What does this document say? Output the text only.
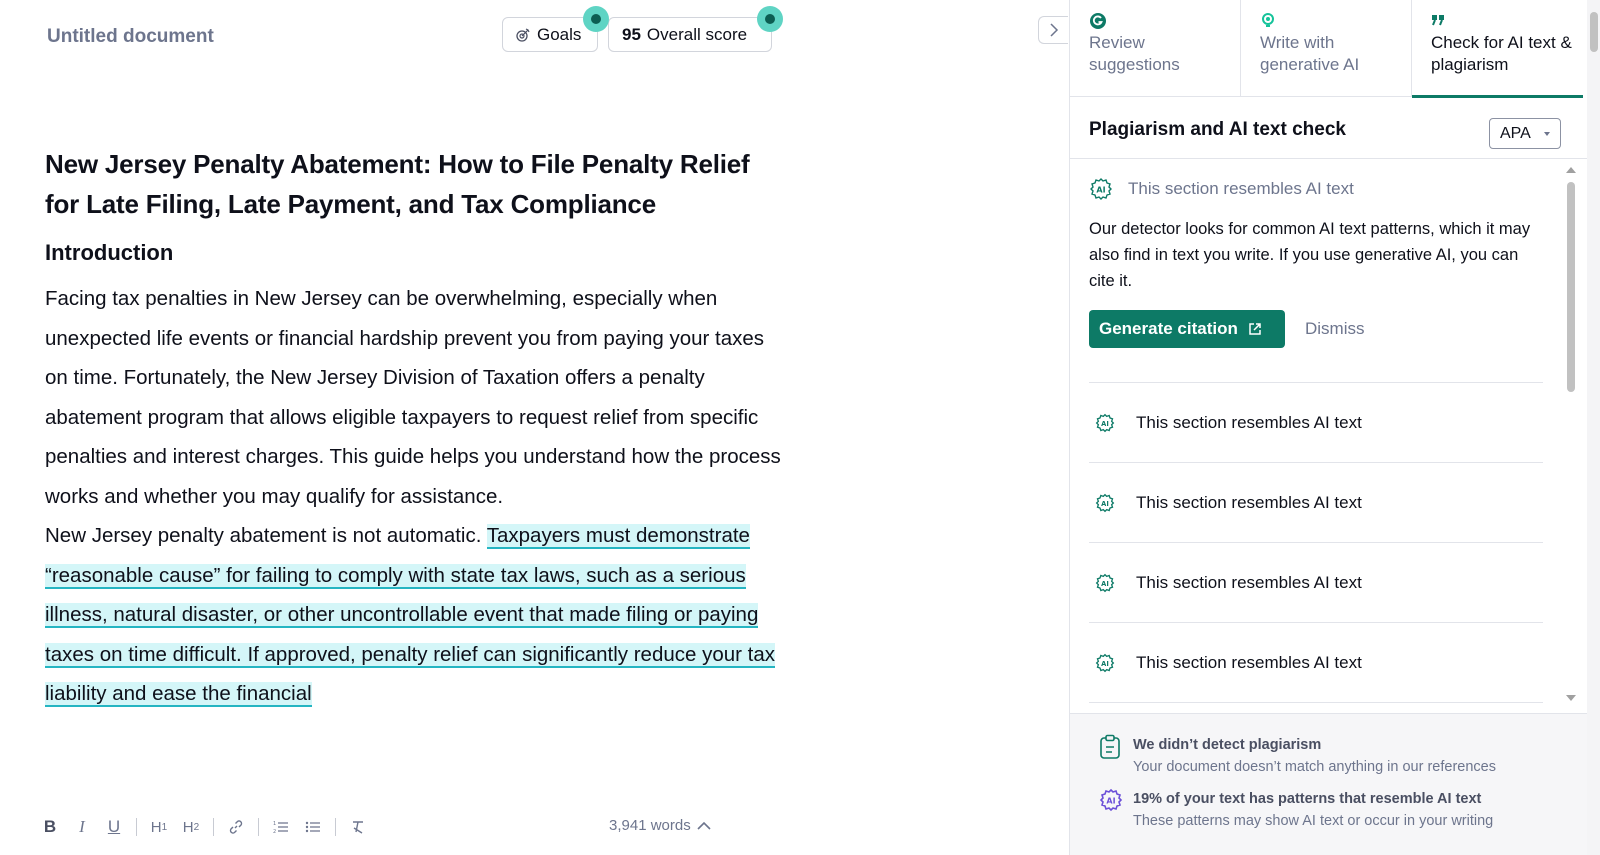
Untitled document	Goals 95 Overall score
New Jersey Penalty Abatement: How to File Penalty Relief for Late Filing, Late Payment, and Tax Compliance
Introduction

Facing tax penalties in New Jersey can be overwhelming, especially when unexpected life events or financial hardship prevent you from paying your taxes on time. Fortunately, the New Jersey Division of Taxation offers a penalty abatement program that allows eligible taxpayers to request relief from specific penalties and interest charges. This guide helps you understand how the process works and whether you may qualify for assistance.

New Jersey penalty abatement is not automatic. Taxpayers must demonstrate “reasonable cause” for failing to comply with state tax laws, such as a serious illness, natural disaster, or other uncontrollable event that made filing or paying taxes on time difficult. If approved, penalty relief can significantly reduce your tax liability and ease the financial

B	I	U	H 1 H 2	1
2	3,941 words
Review suggestions
Write with generative AI
Check for AI text & plagiarism
Plagiarism and AI text check	APA
AI This section resembles AI text
Our detector looks for common AI text patterns, which it may also find in text you write. If you use generative AI, you can cite it.
Generate citation	Dismiss
AI This section resembles AI text
AI This section resembles AI text
AI This section resembles AI text
AI This section resembles AI text
We didn’t detect plagiarism
Your document doesn’t match anything in our references
AI 19% of your text has patterns that resemble AI text
These patterns may show AI text or occur in your writing
